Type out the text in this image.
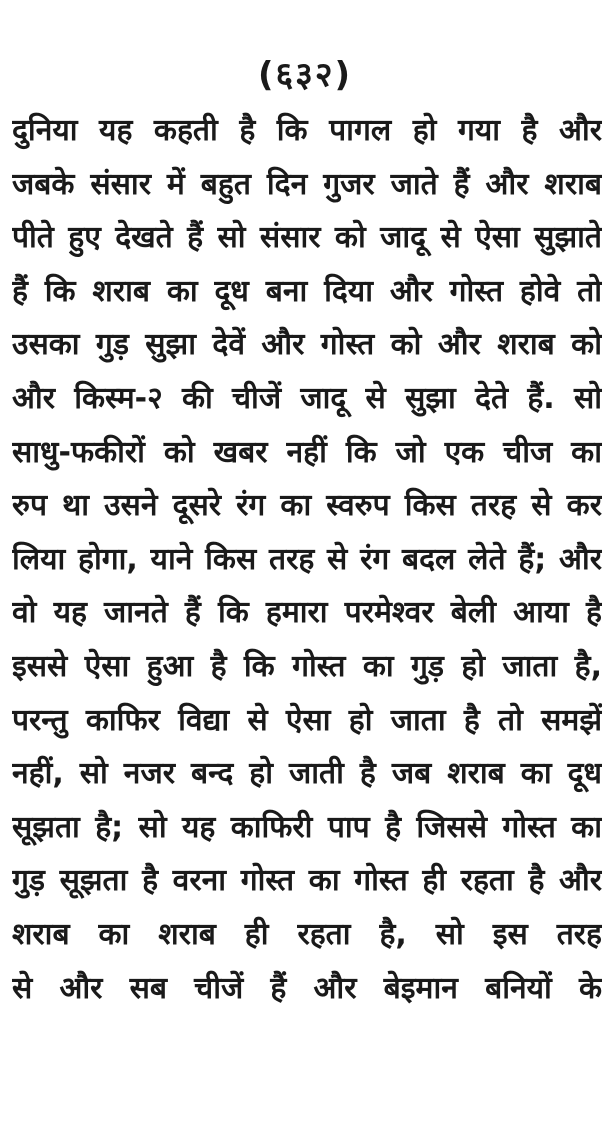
(६३२)
दुनिया यह कहती है कि पागल हो गया है और
जबके संसार में बहुत दिन गुजर जाते हैं और शराब
पीते हुए देखते हैं सो संसार को जादू से ऐसा सुझाते
हैं कि शराब का दूध बना दिया और गोस्त होवे तो
उसका गुड़ सुझा देवें और गोस्त को और शराब को
और किस्म-२ की चीजें जादू से सुझा देते हैं. सो
साधु-फकीरों को खबर नहीं कि जो एक चीज का
रुप था उसने दूसरे रंग का स्वरुप किस तरह से कर
लिया होगा, याने किस तरह से रंग बदल लेते हैं; और
वो यह जानते हैं कि हमारा परमेश्वर बेली आया है
इससे ऐसा हुआ है कि गोस्त का गुड़ हो जाता है,
परन्तु काफिर विद्या से ऐसा हो जाता है तो समझें
नहीं, सो नजर बन्द हो जाती है जब शराब का दूध
सूझता है; सो यह काफिरी पाप है जिससे गोस्त का
गुड़ सूझता है वरना गोस्त का गोस्त ही रहता है और
शराब का शराब ही रहता है, सो इस तरह
से और सब चीजें हैं और बेइमान बनियों के
